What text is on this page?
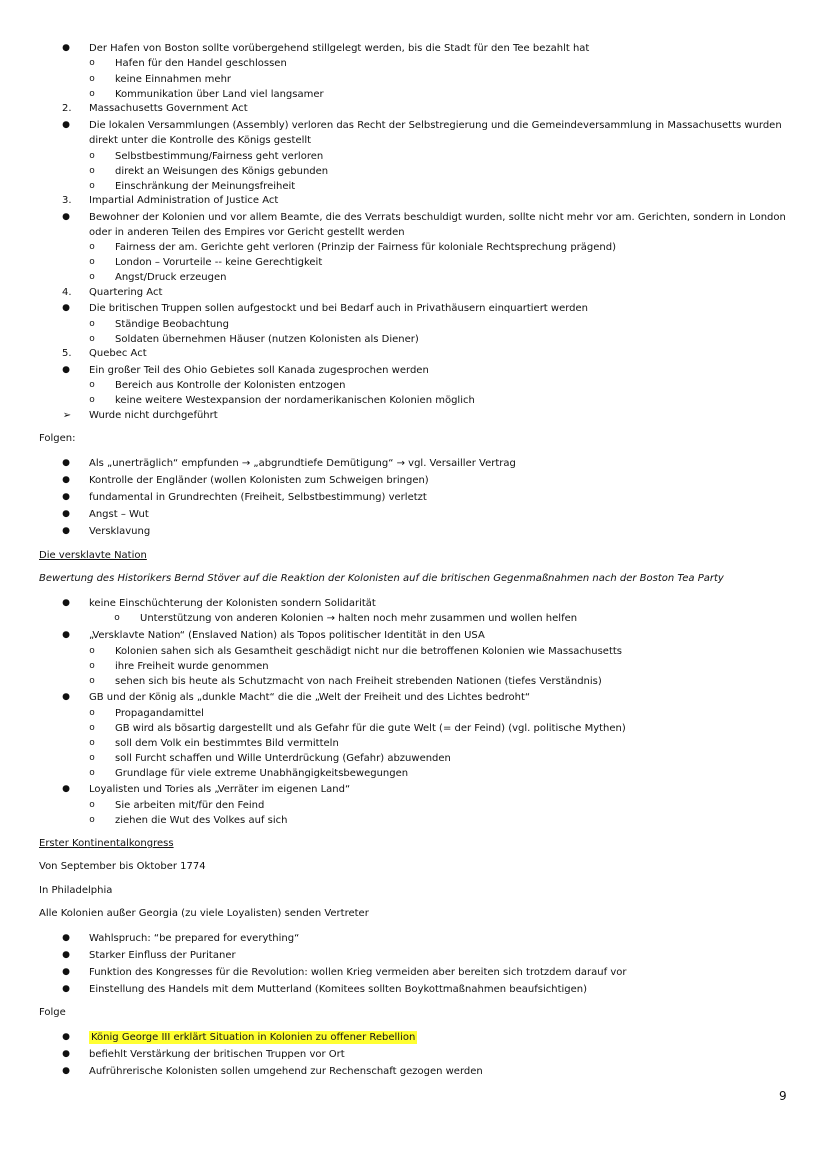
● Der Hafen von Boston sollte vorübergehend stillgelegt werden, bis die Stadt für den Tee bezahlt hat
o Hafen für den Handel geschlossen
o keine Einnahmen mehr
o Kommunikation über Land viel langsamer
2.	Massachusetts Government Act
● Die lokalen Versammlungen (Assembly) verloren das Recht der Selbstregierung und die Gemeindeversammlung in Massachusetts wurden
direkt unter die Kontrolle des Königs gestellt
o Selbstbestimmung/Fairness geht verloren
o direkt an Weisungen des Königs gebunden
o Einschränkung der Meinungsfreiheit
3.	Impartial Administration of Justice Act
● Bewohner der Kolonien und vor allem Beamte, die des Verrats beschuldigt wurden, sollte nicht mehr vor am. Gerichten, sondern in London
oder in anderen Teilen des Empires vor Gericht gestellt werden
o Fairness der am. Gerichte geht verloren (Prinzip der Fairness für koloniale Rechtsprechung prägend)
o London – Vorurteile -- keine Gerechtigkeit
o Angst/Druck erzeugen
4.	Quartering Act
● Die britischen Truppen sollen aufgestockt und bei Bedarf auch in Privathäusern einquartiert werden
o Ständige Beobachtung
o Soldaten übernehmen Häuser (nutzen Kolonisten als Diener)
5.	Quebec Act
● Ein großer Teil des Ohio Gebietes soll Kanada zugesprochen werden
o Bereich aus Kontrolle der Kolonisten entzogen
o keine weitere Westexpansion der nordamerikanischen Kolonien möglich
➢ Wurde nicht durchgeführt
Folgen:
● Als „unerträglich“ empfunden → „abgrundtiefe Demütigung“ → vgl. Versailler Vertrag
● Kontrolle der Engländer (wollen Kolonisten zum Schweigen bringen)
● fundamental in Grundrechten (Freiheit, Selbstbestimmung) verletzt
● Angst – Wut
● Versklavung
Die versklavte Nation
Bewertung des Historikers Bernd Stöver auf die Reaktion der Kolonisten auf die britischen Gegenmaßnahmen nach der Boston Tea Party
● keine Einschüchterung der Kolonisten sondern Solidarität
o Unterstützung von anderen Kolonien → halten noch mehr zusammen und wollen helfen
● „Versklavte Nation“ (Enslaved Nation) als Topos politischer Identität in den USA
o Kolonien sahen sich als Gesamtheit geschädigt nicht nur die betroffenen Kolonien wie Massachusetts
o ihre Freiheit wurde genommen
o sehen sich bis heute als Schutzmacht von nach Freiheit strebenden Nationen (tiefes Verständnis)
● GB und der König als „dunkle Macht“ die die „Welt der Freiheit und des Lichtes bedroht“
o Propagandamittel
o GB wird als bösartig dargestellt und als Gefahr für die gute Welt (= der Feind) (vgl. politische Mythen)
o soll dem Volk ein bestimmtes Bild vermitteln
o soll Furcht schaffen und Wille Unterdrückung (Gefahr) abzuwenden
o Grundlage für viele extreme Unabhängigkeitsbewegungen
● Loyalisten und Tories als „Verräter im eigenen Land“
o Sie arbeiten mit/für den Feind
o ziehen die Wut des Volkes auf sich
Erster Kontinentalkongress
Von September bis Oktober 1774
In Philadelphia
Alle Kolonien außer Georgia (zu viele Loyalisten) senden Vertreter
● Wahlspruch: “be prepared for everything“
● Starker Einfluss der Puritaner
● Funktion des Kongresses für die Revolution: wollen Krieg vermeiden aber bereiten sich trotzdem darauf vor
● Einstellung des Handels mit dem Mutterland (Komitees sollten Boykottmaßnahmen beaufsichtigen)
Folge
● König George III erklärt Situation in Kolonien zu offener Rebellion
● befiehlt Verstärkung der britischen Truppen vor Ort
● Aufrührerische Kolonisten sollen umgehend zur Rechenschaft gezogen werden
9
